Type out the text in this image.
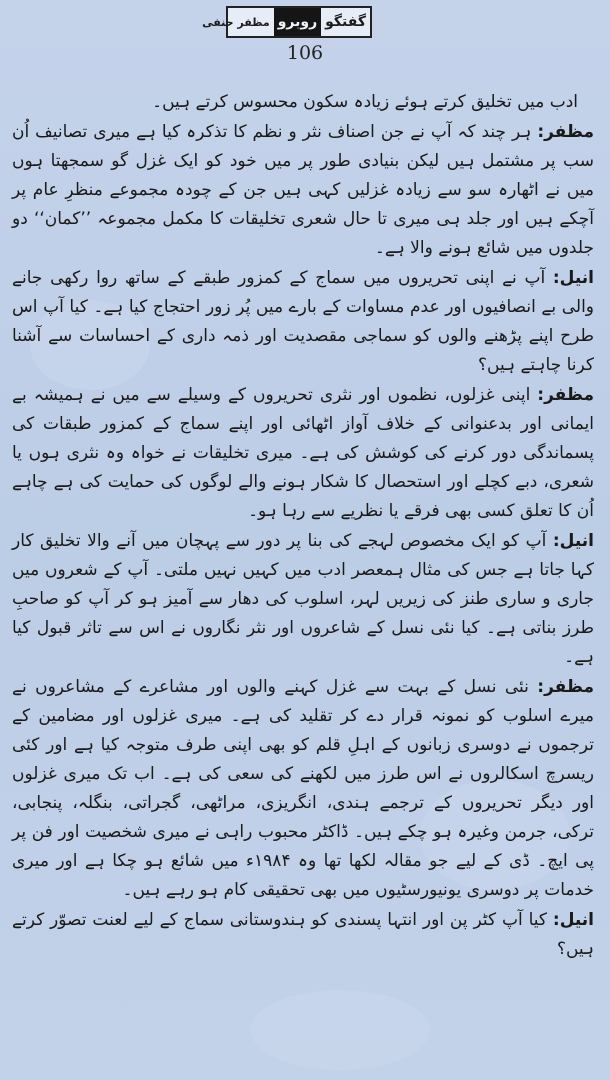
گفتگو
روبرو
مظفر حنفی
106

ادب میں تخلیق کرتے ہوئے زیادہ سکون محسوس کرتے ہیں۔

مظفر: ہر چند کہ آپ نے جن اصناف نثر و نظم کا تذکرہ کیا ہے میری تصانیف اُن سب پر مشتمل ہیں لیکن بنیادی طور پر میں خود کو ایک غزل گو سمجھتا ہوں میں نے اٹھارہ سو سے زیادہ غزلیں کہی ہیں جن کے چودہ مجموعے منظرِ عام پر آچکے ہیں اور جلد ہی میری تا حال شعری تخلیقات کا مکمل مجموعہ ’’کمان‘‘ دو جلدوں میں شائع ہونے والا ہے۔

انیل: آپ نے اپنی تحریروں میں سماج کے کمزور طبقے کے ساتھ روا رکھی جانے والی بے انصافیوں اور عدم مساوات کے بارے میں پُر زور احتجاج کیا ہے۔ کیا آپ اس طرح اپنے پڑھنے والوں کو سماجی مقصدیت اور ذمہ داری کے احساسات سے آشنا کرنا چاہتے ہیں؟

مظفر: اپنی غزلوں، نظموں اور نثری تحریروں کے وسیلے سے میں نے ہمیشہ بے ایمانی اور بدعنوانی کے خلاف آواز اٹھائی اور اپنے سماج کے کمزور طبقات کی پسماندگی دور کرنے کی کوشش کی ہے۔ میری تخلیقات نے خواہ وہ نثری ہوں یا شعری، دبے کچلے اور استحصال کا شکار ہونے والے لوگوں کی حمایت کی ہے چاہے اُن کا تعلق کسی بھی فرقے یا نظریے سے رہا ہو۔

انیل: آپ کو ایک مخصوص لہجے کی بنا پر دور سے پہچان میں آنے والا تخلیق کار کہا جاتا ہے جس کی مثال ہمعصر ادب میں کہیں نہیں ملتی۔ آپ کے شعروں میں جاری و ساری طنز کی زیریں لہر، اسلوب کی دھار سے آمیز ہو کر آپ کو صاحبِ طرز بناتی ہے۔ کیا نئی نسل کے شاعروں اور نثر نگاروں نے اس سے تاثر قبول کیا ہے۔

مظفر: نئی نسل کے بہت سے غزل کہنے والوں اور مشاعرے کے مشاعروں نے میرے اسلوب کو نمونہ قرار دے کر تقلید کی ہے۔ میری غزلوں اور مضامین کے ترجموں نے دوسری زبانوں کے اہلِ قلم کو بھی اپنی طرف متوجہ کیا ہے اور کئی ریسرچ اسکالروں نے اس طرز میں لکھنے کی سعی کی ہے۔ اب تک میری غزلوں اور دیگر تحریروں کے ترجمے ہندی، انگریزی، مراٹھی، گجراتی، بنگلہ، پنجابی، ترکی، جرمن وغیرہ ہو چکے ہیں۔ ڈاکٹر محبوب راہی نے میری شخصیت اور فن پر پی ایچ۔ ڈی کے لیے جو مقالہ لکھا تھا وہ ۱۹۸۴ء میں شائع ہو چکا ہے اور میری خدمات پر دوسری یونیورسٹیوں میں بھی تحقیقی کام ہو رہے ہیں۔

انیل: کیا آپ کٹر پن اور انتہا پسندی کو ہندوستانی سماج کے لیے لعنت تصوّر کرتے ہیں؟
